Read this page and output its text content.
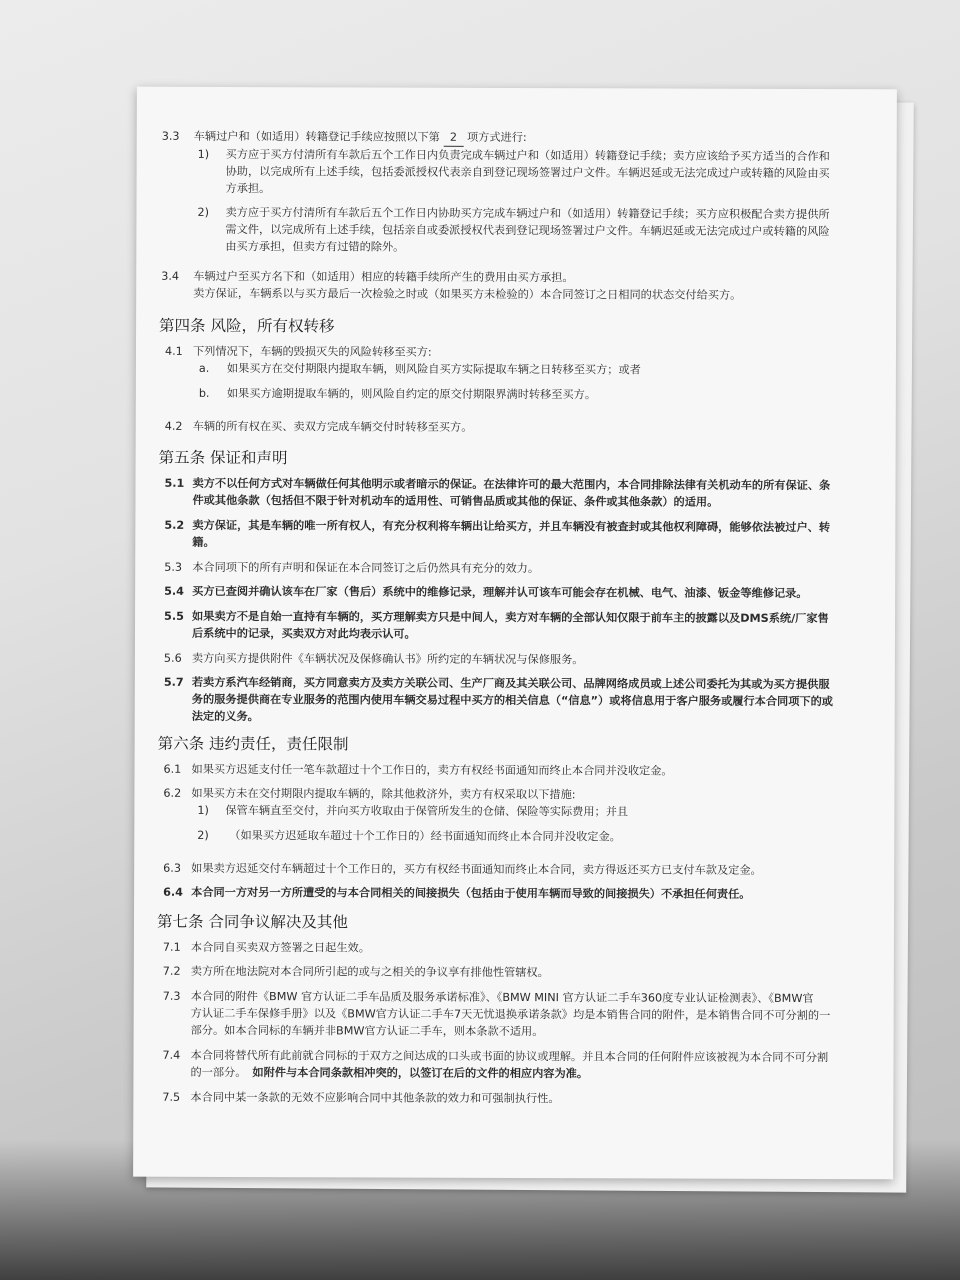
3.3 车辆过户和（如适用）转籍登记手续应按照以下第 2 项方式进行:
1) 买方应于买方付清所有车款后五个工作日内负责完成车辆过户和（如适用）转籍登记手续；卖方应该给予买方适当的合作和
协助，以完成所有上述手续，包括委派授权代表亲自到登记现场签署过户文件。车辆迟延或无法完成过户或转籍的风险由买
方承担。
2) 卖方应于买方付清所有车款后五个工作日内协助买方完成车辆过户和（如适用）转籍登记手续；买方应积极配合卖方提供所
需文件，以完成所有上述手续，包括亲自或委派授权代表到登记现场签署过户文件。车辆迟延或无法完成过户或转籍的风险
由买方承担，但卖方有过错的除外。
3.4 车辆过户至买方名下和（如适用）相应的转籍手续所产生的费用由买方承担。
卖方保证，车辆系以与买方最后一次检验之时或（如果买方未检验的）本合同签订之日相同的状态交付给买方。
第四条 风险，所有权转移
4.1 下列情况下，车辆的毁损灭失的风险转移至买方:
a. 如果买方在交付期限内提取车辆，则风险自买方实际提取车辆之日转移至买方；或者
b. 如果买方逾期提取车辆的，则风险自约定的原交付期限界满时转移至买方。
4.2 车辆的所有权在买、卖双方完成车辆交付时转移至买方。
第五条 保证和声明
5.1 卖方不以任何方式对车辆做任何其他明示或者暗示的保证。在法律许可的最大范围内，本合同排除法律有关机动车的所有保证、条
件或其他条款（包括但不限于针对机动车的适用性、可销售品质或其他的保证、条件或其他条款）的适用。
5.2 卖方保证，其是车辆的唯一所有权人，有充分权利将车辆出让给买方，并且车辆没有被查封或其他权利障碍，能够依法被过户、转
籍。
5.3 本合同项下的所有声明和保证在本合同签订之后仍然具有充分的效力。
5.4 买方已查阅并确认该车在厂家（售后）系统中的维修记录，理解并认可该车可能会存在机械、电气、油漆、钣金等维修记录。
5.5 如果卖方不是自始一直持有车辆的，买方理解卖方只是中间人，卖方对车辆的全部认知仅限于前车主的披露以及DMS系统/厂家售
后系统中的记录，买卖双方对此均表示认可。
5.6 卖方向买方提供附件《车辆状况及保修确认书》所约定的车辆状况与保修服务。
5.7 若卖方系汽车经销商，买方同意卖方及卖方关联公司、生产厂商及其关联公司、品牌网络成员或上述公司委托为其或为买方提供服
务的服务提供商在专业服务的范围内使用车辆交易过程中买方的相关信息（“信息”）或将信息用于客户服务或履行本合同项下的或
法定的义务。
第六条 违约责任，责任限制
6.1 如果买方迟延支付任一笔车款超过十个工作日的，卖方有权经书面通知而终止本合同并没收定金。
6.2 如果买方未在交付期限内提取车辆的，除其他救济外，卖方有权采取以下措施:
1) 保管车辆直至交付，并向买方收取由于保管所发生的仓储、保险等实际费用；并且
2) （如果买方迟延取车超过十个工作日的）经书面通知而终止本合同并没收定金。
6.3 如果卖方迟延交付车辆超过十个工作日的，买方有权经书面通知而终止本合同，卖方得返还买方已支付车款及定金。
6.4 本合同一方对另一方所遭受的与本合同相关的间接损失（包括由于使用车辆而导致的间接损失）不承担任何责任。
第七条 合同争议解决及其他
7.1 本合同自买卖双方签署之日起生效。
7.2 卖方所在地法院对本合同所引起的或与之相关的争议享有排他性管辖权。
7.3 本合同的附件《BMW 官方认证二手车品质及服务承诺标准》、《BMW MINI 官方认证二手车360度专业认证检测表》、《BMW官
方认证二手车保修手册》以及《BMW官方认证二手车7天无忧退换承诺条款》均是本销售合同的附件，是本销售合同不可分割的一
部分。如本合同标的车辆并非BMW官方认证二手车，则本条款不适用。
7.4 本合同将替代所有此前就合同标的于双方之间达成的口头或书面的协议或理解。并且本合同的任何附件应该被视为本合同不可分割
的一部分。 如附件与本合同条款相冲突的，以签订在后的文件的相应内容为准。
7.5 本合同中某一条款的无效不应影响合同中其他条款的效力和可强制执行性。
